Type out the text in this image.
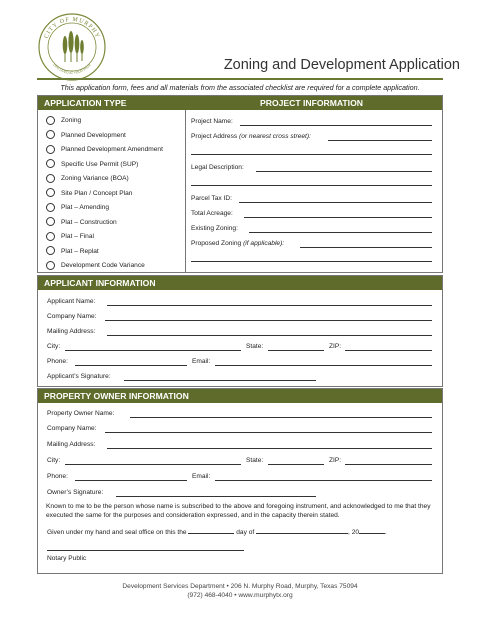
CITY OF MURPHY
LIFE LIVED AT YOUR PACE	Zoning and Development Application
This application form, fees and all materials from the associated checklist are required for a complete application.
APPLICATION TYPE	PROJECT INFORMATION
Zoning
Planned Development
Planned Development Amendment
Specific Use Permit (SUP)
Zoning Variance (BOA)
Site Plan / Concept Plan
Plat – Amending
Plat – Construction
Plat – Final
Plat – Replat
Development Code Variance
Project Name:
Project Address (or nearest cross street):
Legal Description:
Parcel Tax ID:
Total Acreage:
Existing Zoning:
Proposed Zoning (if applicable):
APPLICANT INFORMATION
Applicant Name:
Company Name:
Mailing Address:
City:	State:	ZIP:
Phone:	Email:
Applicant’s Signature:
PROPERTY OWNER INFORMATION
Property Owner Name:
Company Name:
Mailing Address:
City:	State:	ZIP:
Phone:	Email:
Owner’s Signature:
Known to me to be the person whose name is subscribed to the above and foregoing instrument, and acknowledged to me that they executed the same for the purposes and consideration expressed, and in the capacity therein stated.
Given under my hand and seal office on this the	day of	, 20	.
Notary Public
Development Services Department • 206 N. Murphy Road, Murphy, Texas 75094
(972) 468-4040 • www.murphytx.org
